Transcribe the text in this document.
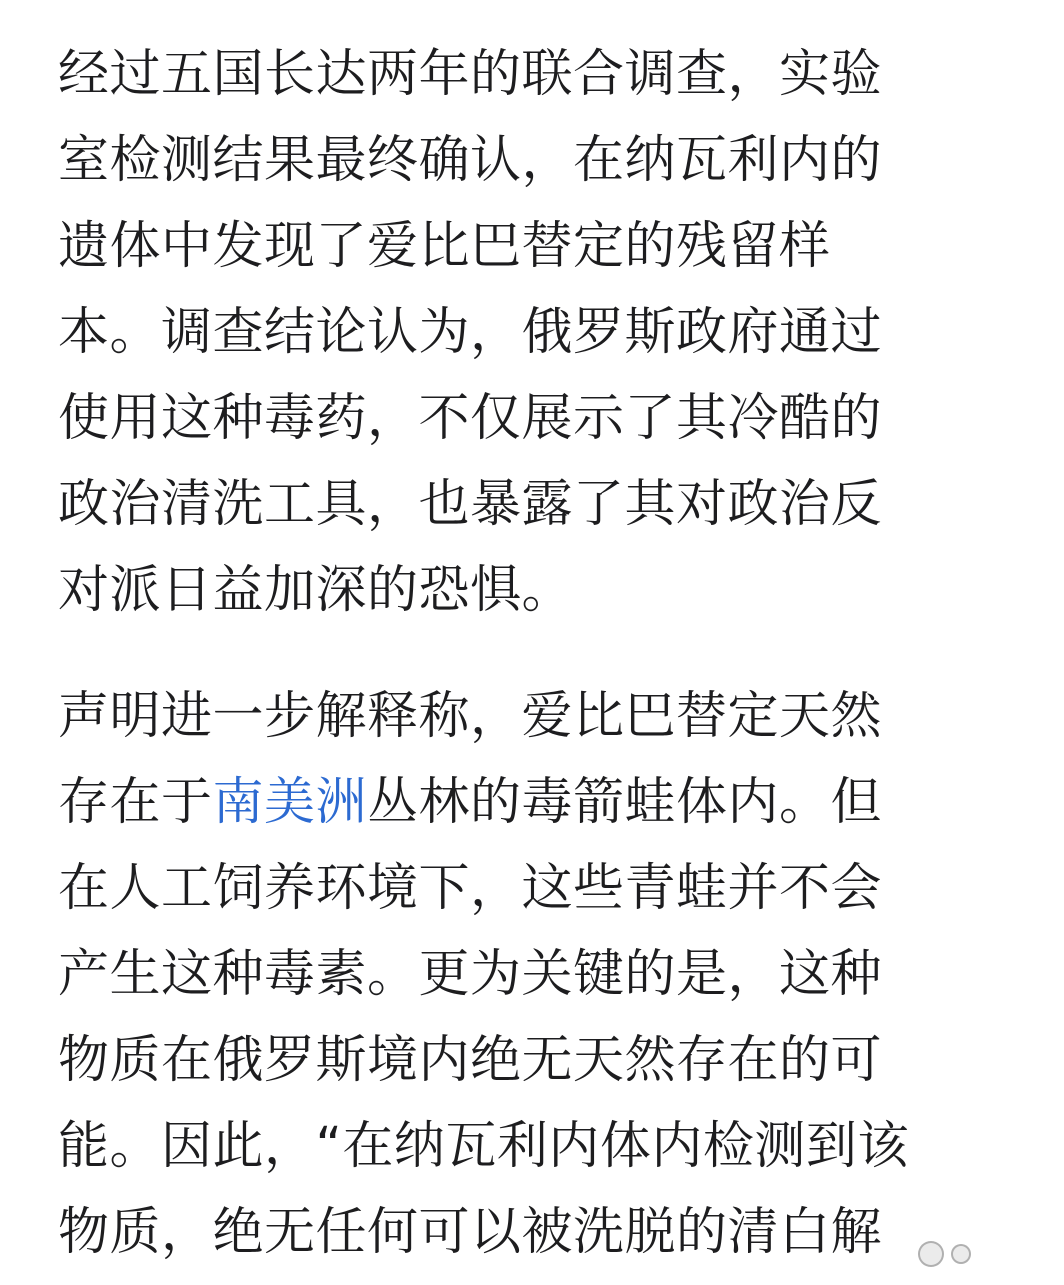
经过五国长达两年的联合调查，实验
室检测结果最终确认，在纳瓦利内的
遗体中发现了爱比巴替定的残留样
本。调查结论认为，俄罗斯政府通过
使用这种毒药，不仅展示了其冷酷的
政治清洗工具，也暴露了其对政治反
对派日益加深的恐惧。
声明进一步解释称，爱比巴替定天然
存在于南美洲丛林的毒箭蛙体内。但
在人工饲养环境下，这些青蛙并不会
产生这种毒素。更为关键的是，这种
物质在俄罗斯境内绝无天然存在的可
能。因此，“在纳瓦利内体内检测到该
物质，绝无任何可以被洗脱的清白解
